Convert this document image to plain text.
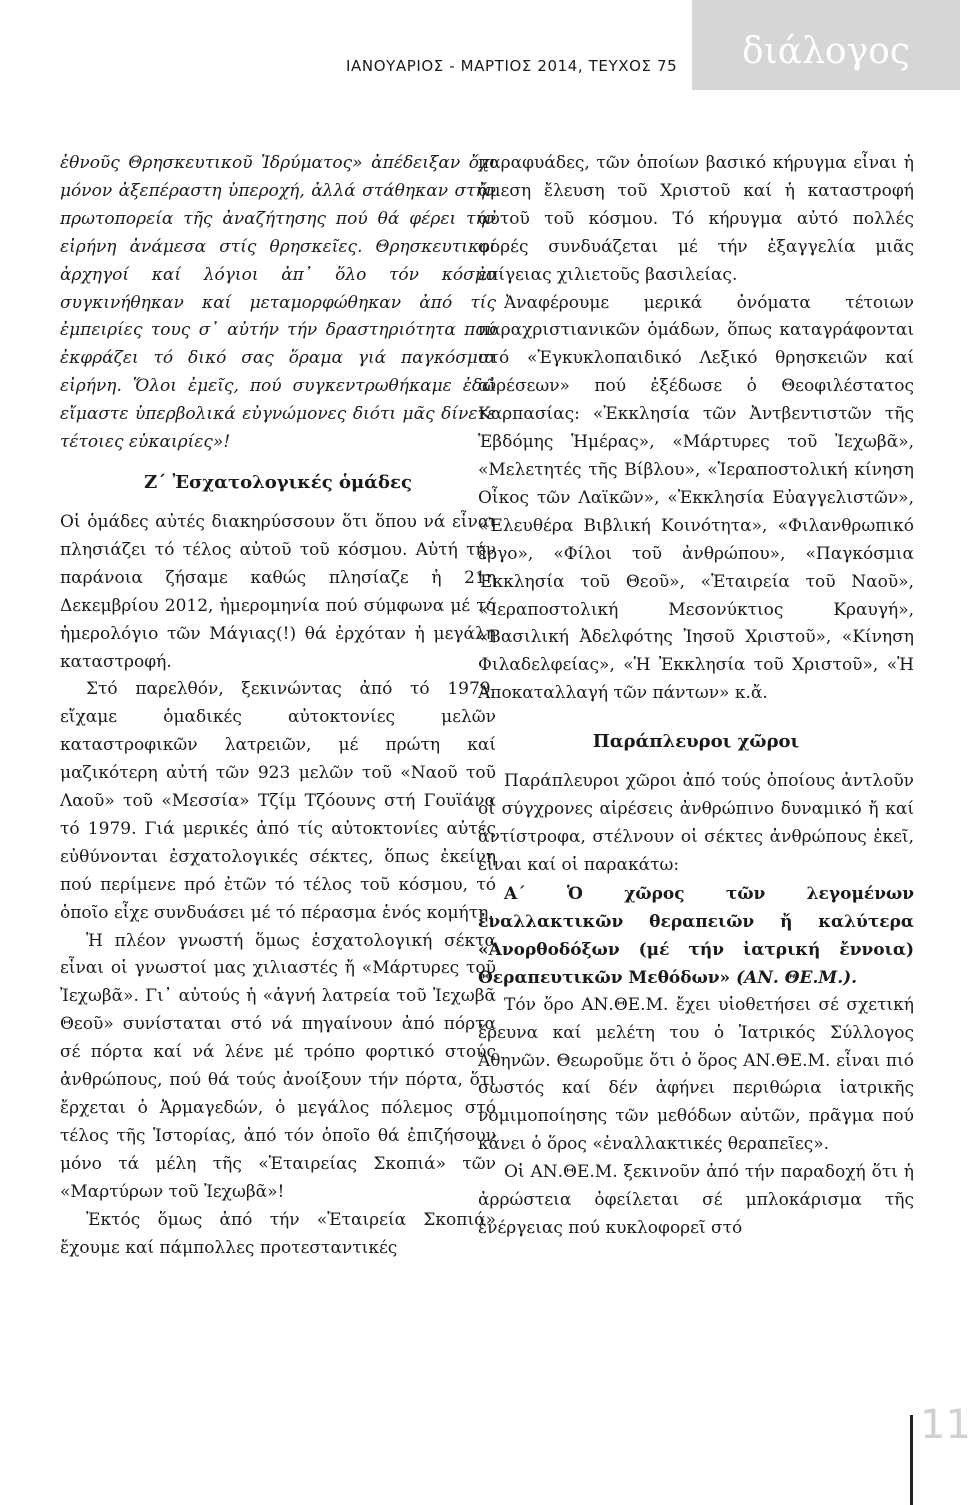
ΙΑΝΟΥΑΡΙΟΣ - ΜΑΡΤΙΟΣ 2014, ΤΕΥΧΟΣ 75 διάλογος

ἐθνοῦς Θρησκευτικοῦ Ἱδρύματος» ἀπέδειξαν ὄχι μόνον ἀξεπέραστη ὑπεροχή, ἀλλά στάθηκαν στήν πρωτοπορεία τῆς ἀναζήτησης πού θά φέρει τήν εἰρήνη ἀνάμεσα στίς θρησκεῖες. Θρησκευτικοί ἀρχηγοί καί λόγιοι ἀπ᾽ ὅλο τόν κόσμο συγκινήθηκαν καί μεταμορφώθηκαν ἀπό τίς ἐμπειρίες τους σ᾽ αὐτήν τήν δραστηριότητα πού ἐκφράζει τό δικό σας ὅραμα γιά παγκόσμια εἰρήνη. Ὅλοι ἐμεῖς, πού συγκεντρωθήκαμε ἐδῶ εἴμαστε ὑπερβολικά εὐγνώμονες διότι μᾶς δίνετε τέτοιες εὐκαιρίες»!

Ζ΄ Ἐσχατολογικές ὁμάδες

Οἱ ὁμάδες αὐτές διακηρύσσουν ὅτι ὅπου νά εἶναι πλησιάζει τό τέλος αὐτοῦ τοῦ κόσμου. Αὐτή τήν παράνοια ζήσαμε καθώς πλησίαζε ἡ 21η Δεκεμβρίου 2012, ἡμερομηνία πού σύμφωνα μέ τό ἡμερολόγιο τῶν Μάγιας(!) θά ἐρχόταν ἡ μεγάλη καταστροφή.

Στό παρελθόν, ξεκινώντας ἀπό τό 1979, εἴχαμε ὁμαδικές αὐτοκτονίες μελῶν καταστροφικῶν λατρειῶν, μέ πρώτη καί μαζικότερη αὐτή τῶν 923 μελῶν τοῦ «Ναοῦ τοῦ Λαοῦ» τοῦ «Μεσσία» Τζίμ Τζόουνς στή Γουϊάνα τό 1979. Γιά μερικές ἀπό τίς αὐτοκτονίες αὐτές εὐθύνονται ἐσχατολογικές σέκτες, ὅπως ἐκείνη πού περίμενε πρό ἐτῶν τό τέλος τοῦ κόσμου, τό ὁποῖο εἶχε συνδυάσει μέ τό πέρασμα ἑνός κομήτη.

Ἡ πλέον γνωστή ὅμως ἐσχατολογική σέκτα εἶναι οἱ γνωστοί μας χιλιαστές ἤ «Μάρτυρες τοῦ Ἰεχωβᾶ». Γι᾽ αὐτούς ἡ «ἁγνή λατρεία τοῦ Ἰεχωβᾶ Θεοῦ» συνίσταται στό νά πηγαίνουν ἀπό πόρτα σέ πόρτα καί νά λένε μέ τρόπο φορτικό στούς ἀνθρώπους, πού θά τούς ἀνοίξουν τήν πόρτα, ὅτι ἔρχεται ὁ Ἀρμαγεδών, ὁ μεγάλος πόλεμος στό τέλος τῆς Ἱστορίας, ἀπό τόν ὁποῖο θά ἐπιζήσουν μόνο τά μέλη τῆς «Ἑταιρείας Σκοπιά» τῶν «Μαρτύρων τοῦ Ἰεχωβᾶ»!

Ἐκτός ὅμως ἀπό τήν «Ἑταιρεία Σκοπιά» ἔχουμε καί πάμπολλες προτεσταντικές

παραφυάδες, τῶν ὁποίων βασικό κήρυγμα εἶναι ἡ ἄμεση ἔλευση τοῦ Χριστοῦ καί ἡ καταστροφή αὐτοῦ τοῦ κόσμου. Τό κήρυγμα αὐτό πολλές φορές συνδυάζεται μέ τήν ἐξαγγελία μιᾶς ἐπίγειας χιλιετοῦς βασιλείας.

Ἀναφέρουμε μερικά ὀνόματα τέτοιων παραχριστιανικῶν ὁμάδων, ὅπως καταγράφονται στό «Ἐγκυκλοπαιδικό Λεξικό θρησκειῶν καί αἱρέσεων» πού ἐξέδωσε ὁ Θεοφιλέστατος Καρπασίας: «Ἐκκλησία τῶν Ἀντβεντιστῶν τῆς Ἑβδόμης Ἡμέρας», «Μάρτυρες τοῦ Ἰεχωβᾶ», «Μελετητές τῆς Βίβλου», «Ἱεραποστολική κίνηση Οἶκος τῶν Λαϊκῶν», «Ἐκκλησία Εὐαγγελιστῶν», «Ἐλευθέρα Βιβλική Κοινότητα», «Φιλανθρωπικό ἔργο», «Φίλοι τοῦ ἀνθρώπου», «Παγκόσμια Ἐκκλησία τοῦ Θεοῦ», «Ἑταιρεία τοῦ Ναοῦ», «Ἱεραποστολική Μεσονύκτιος Κραυγή», «Βασιλική Ἀδελφότης Ἰησοῦ Χριστοῦ», «Κίνηση Φιλαδελφείας», «Ἡ Ἐκκλησία τοῦ Χριστοῦ», «Ἡ Ἀποκαταλλαγή τῶν πάντων» κ.ἄ.

Παράπλευροι χῶροι

Παράπλευροι χῶροι ἀπό τούς ὁποίους ἀντλοῦν οἱ σύγχρονες αἱρέσεις ἀνθρώπινο δυναμικό ἤ καί ἀντίστροφα, στέλνουν οἱ σέκτες ἀνθρώπους ἐκεῖ, εἶναι καί οἱ παρακάτω:

Α΄ Ὁ χῶρος τῶν λεγομένων ἐναλλακτικῶν θεραπειῶν ἤ καλύτερα «Ἀνορθοδόξων (μέ τήν ἰατρική ἔννοια) Θεραπευτικῶν Μεθόδων» (ΑΝ. ΘΕ.Μ.).

Τόν ὅρο ΑΝ.ΘΕ.Μ. ἔχει υἱοθετήσει σέ σχετική ἔρευνα καί μελέτη του ὁ Ἰατρικός Σύλλογος Ἀθηνῶν. Θεωροῦμε ὅτι ὁ ὅρος ΑΝ.ΘΕ.Μ. εἶναι πιό σωστός καί δέν ἀφήνει περιθώρια ἰατρικῆς νομιμοποίησης τῶν μεθόδων αὐτῶν, πρᾶγμα πού κάνει ὁ ὅρος «ἐναλλακτικές θεραπεῖες».

Οἱ ΑΝ.ΘΕ.Μ. ξεκινοῦν ἀπό τήν παραδοχή ὅτι ἡ ἀρρώστεια ὀφείλεται σέ μπλοκάρισμα τῆς ἐνέργειας πού κυκλοφορεῖ στό

11
